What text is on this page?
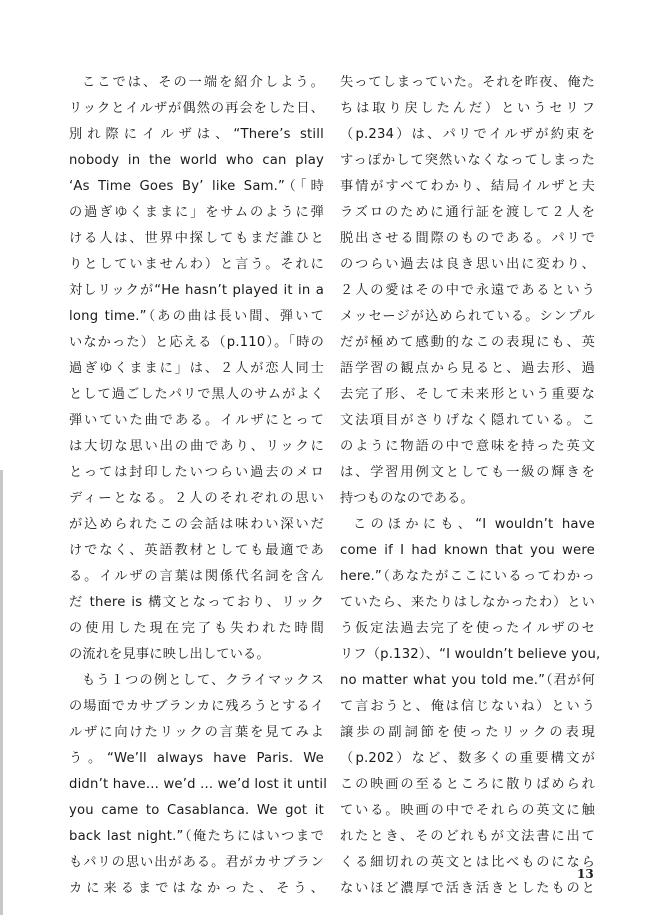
ここでは、その一端を紹介しよう。
リックとイルザが偶然の再会をした日、
別れ際にイルザは、“There’s still
nobody in the world who can play
‘As Time Goes By’ like Sam.”（「時
の過ぎゆくままに」をサムのように弾
ける人は、世界中探してもまだ誰ひと
りとしていませんわ）と言う。それに
対しリックが“He hasn’t played it in a
long time.”（あの曲は長い間、弾いて
いなかった）と応える（p.110）。「時の
過ぎゆくままに」は、２人が恋人同士
として過ごしたパリで黒人のサムがよく
弾いていた曲である。イルザにとって
は大切な思い出の曲であり、リックに
とっては封印したいつらい過去のメロ
ディーとなる。２人のそれぞれの思い
が込められたこの会話は味わい深いだ
けでなく、英語教材としても最適であ
る。イルザの言葉は関係代名詞を含ん
だ there is 構文となっており、リック
の使用した現在完了も失われた時間
の流れを見事に映し出している。
もう１つの例として、クライマックス
の場面でカサブランカに残ろうとするイ
ルザに向けたリックの言葉を見てみよ
う。“We’ll always have Paris. We
didn’t have... we’d ... we’d lost it until
you came to Casablanca. We got it
back last night.”（俺たちにはいつまで
もパリの思い出がある。君がカサブラン
カに来るまではなかった、そう、
失ってしまっていた。それを昨夜、俺た
ちは取り戻したんだ）というセリフ
（p.234）は、パリでイルザが約束を
すっぽかして突然いなくなってしまった
事情がすべてわかり、結局イルザと夫
ラズロのために通行証を渡して２人を
脱出させる間際のものである。パリで
のつらい過去は良き思い出に変わり、
２人の愛はその中で永遠であるという
メッセージが込められている。シンプル
だが極めて感動的なこの表現にも、英
語学習の観点から見ると、過去形、過
去完了形、そして未来形という重要な
文法項目がさりげなく隠れている。こ
のように物語の中で意味を持った英文
は、学習用例文としても一級の輝きを
持つものなのである。
このほかにも、“I wouldn’t have
come if I had known that you were
here.”（あなたがここにいるってわかっ
ていたら、来たりはしなかったわ）とい
う仮定法過去完了を使ったイルザのセ
リフ（p.132）、“I wouldn’t believe you,
no matter what you told me.”（君が何
て言おうと、俺は信じないね）という
譲歩の副詞節を使ったリックの表現
（p.202）など、数多くの重要構文が
この映画の至るところに散りばめられ
ている。映画の中でそれらの英文に触
れたとき、そのどれもが文法書に出て
くる細切れの英文とは比べものになら
ないほど濃厚で活き活きとしたものと
13
